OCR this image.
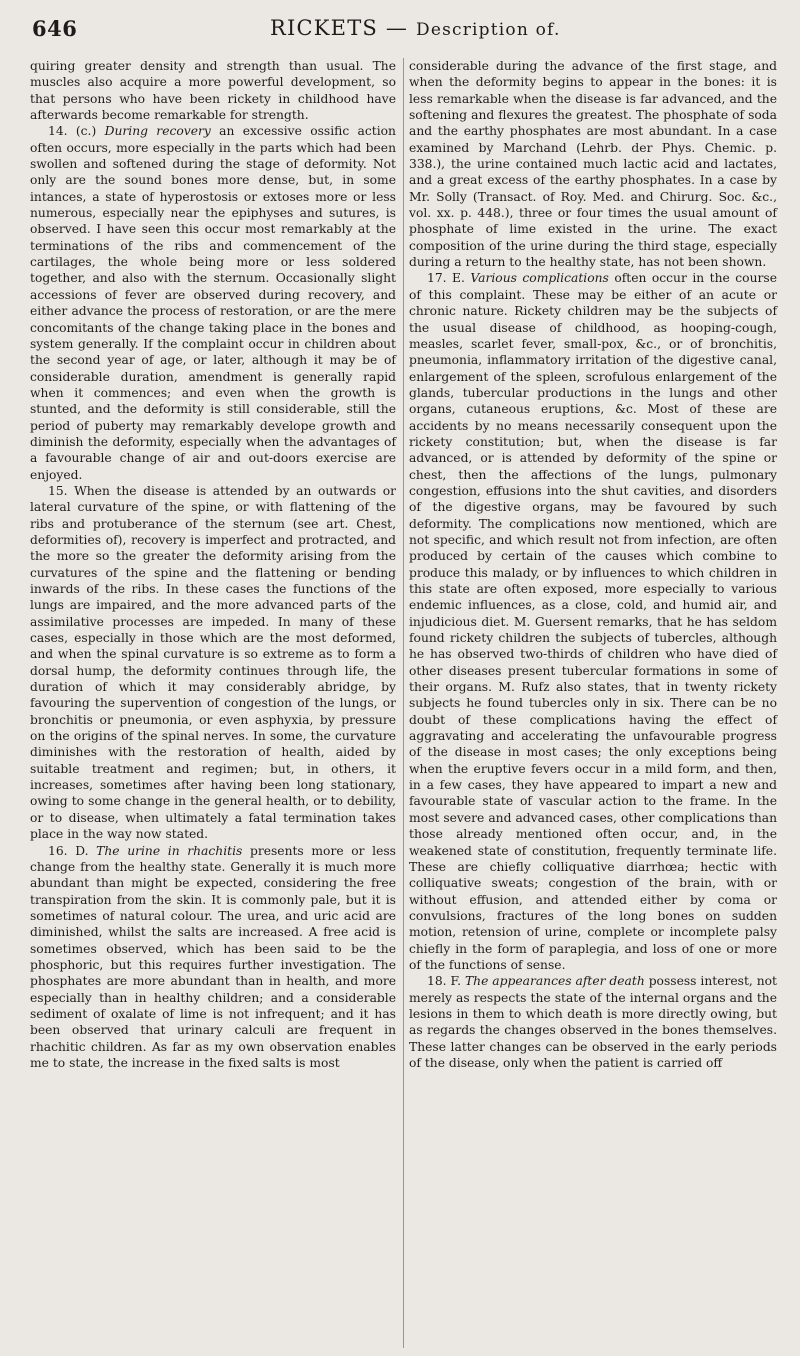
646	RICKETS — Description of.

quiring greater density and strength than usual. The muscles also acquire a more powerful development, so that persons who have been rickety in childhood have afterwards become remarkable for strength.

14. (c.) During recovery an excessive ossific action often occurs, more especially in the parts which had been swollen and softened during the stage of deformity. Not only are the sound bones more dense, but, in some intances, a state of hyperostosis or extoses more or less numerous, especially near the epiphyses and sutures, is observed. I have seen this occur most remarkably at the terminations of the ribs and commencement of the cartilages, the whole being more or less soldered together, and also with the sternum. Occasionally slight accessions of fever are observed during recovery, and either advance the process of restoration, or are the mere concomitants of the change taking place in the bones and system generally. If the complaint occur in children about the second year of age, or later, although it may be of considerable duration, amendment is generally rapid when it commences; and even when the growth is stunted, and the deformity is still considerable, still the period of puberty may remarkably develope growth and diminish the deformity, especially when the advantages of a favourable change of air and out-doors exercise are enjoyed.

15. When the disease is attended by an outwards or lateral curvature of the spine, or with flattening of the ribs and protuberance of the sternum (see art. Chest, deformities of), recovery is imperfect and protracted, and the more so the greater the deformity arising from the curvatures of the spine and the flattening or bending inwards of the ribs. In these cases the functions of the lungs are impaired, and the more advanced parts of the assimilative processes are impeded. In many of these cases, especially in those which are the most deformed, and when the spinal curvature is so extreme as to form a dorsal hump, the deformity continues through life, the duration of which it may considerably abridge, by favouring the supervention of congestion of the lungs, or bronchitis or pneumonia, or even asphyxia, by pressure on the origins of the spinal nerves. In some, the curvature diminishes with the restoration of health, aided by suitable treatment and regimen; but, in others, it increases, sometimes after having been long stationary, owing to some change in the general health, or to debility, or to disease, when ultimately a fatal termination takes place in the way now stated.

16. D. The urine in rhachitis presents more or less change from the healthy state. Generally it is much more abundant than might be expected, considering the free transpiration from the skin. It is commonly pale, but it is sometimes of natural colour. The urea, and uric acid are diminished, whilst the salts are increased. A free acid is sometimes observed, which has been said to be the phosphoric, but this requires further investigation. The phosphates are more abundant than in health, and more especially than in healthy children; and a considerable sediment of oxalate of lime is not infrequent; and it has been observed that urinary calculi are frequent in rhachitic children. As far as my own observation enables me to state, the increase in the fixed salts is most

considerable during the advance of the first stage, and when the deformity begins to appear in the bones: it is less remarkable when the disease is far advanced, and the softening and flexures the greatest. The phosphate of soda and the earthy phosphates are most abundant. In a case examined by Marchand (Lehrb. der Phys. Chemic. p. 338.), the urine contained much lactic acid and lactates, and a great excess of the earthy phosphates. In a case by Mr. Solly (Transact. of Roy. Med. and Chirurg. Soc. &c., vol. xx. p. 448.), three or four times the usual amount of phosphate of lime existed in the urine. The exact composition of the urine during the third stage, especially during a return to the healthy state, has not been shown.

17. E. Various complications often occur in the course of this complaint. These may be either of an acute or chronic nature. Rickety children may be the subjects of the usual disease of childhood, as hooping-cough, measles, scarlet fever, small-pox, &c., or of bronchitis, pneumonia, inflammatory irritation of the digestive canal, enlargement of the spleen, scrofulous enlargement of the glands, tubercular productions in the lungs and other organs, cutaneous eruptions, &c. Most of these are accidents by no means necessarily consequent upon the rickety constitution; but, when the disease is far advanced, or is attended by deformity of the spine or chest, then the affections of the lungs, pulmonary congestion, effusions into the shut cavities, and disorders of the digestive organs, may be favoured by such deformity. The complications now mentioned, which are not specific, and which result not from infection, are often produced by certain of the causes which combine to produce this malady, or by influences to which children in this state are often exposed, more especially to various endemic influences, as a close, cold, and humid air, and injudicious diet. M. Guersent remarks, that he has seldom found rickety children the subjects of tubercles, although he has observed two-thirds of children who have died of other diseases present tubercular formations in some of their organs. M. Rufz also states, that in twenty rickety subjects he found tubercles only in six. There can be no doubt of these complications having the effect of aggravating and accelerating the unfavourable progress of the disease in most cases; the only exceptions being when the eruptive fevers occur in a mild form, and then, in a few cases, they have appeared to impart a new and favourable state of vascular action to the frame. In the most severe and advanced cases, other complications than those already mentioned often occur, and, in the weakened state of constitution, frequently terminate life. These are chiefly colliquative diarrhœa; hectic with colliquative sweats; congestion of the brain, with or without effusion, and attended either by coma or convulsions, fractures of the long bones on sudden motion, retension of urine, complete or incomplete palsy chiefly in the form of paraplegia, and loss of one or more of the functions of sense.

18. F. The appearances after death possess interest, not merely as respects the state of the internal organs and the lesions in them to which death is more directly owing, but as regards the changes observed in the bones themselves. These latter changes can be observed in the early periods of the disease, only when the patient is carried off
